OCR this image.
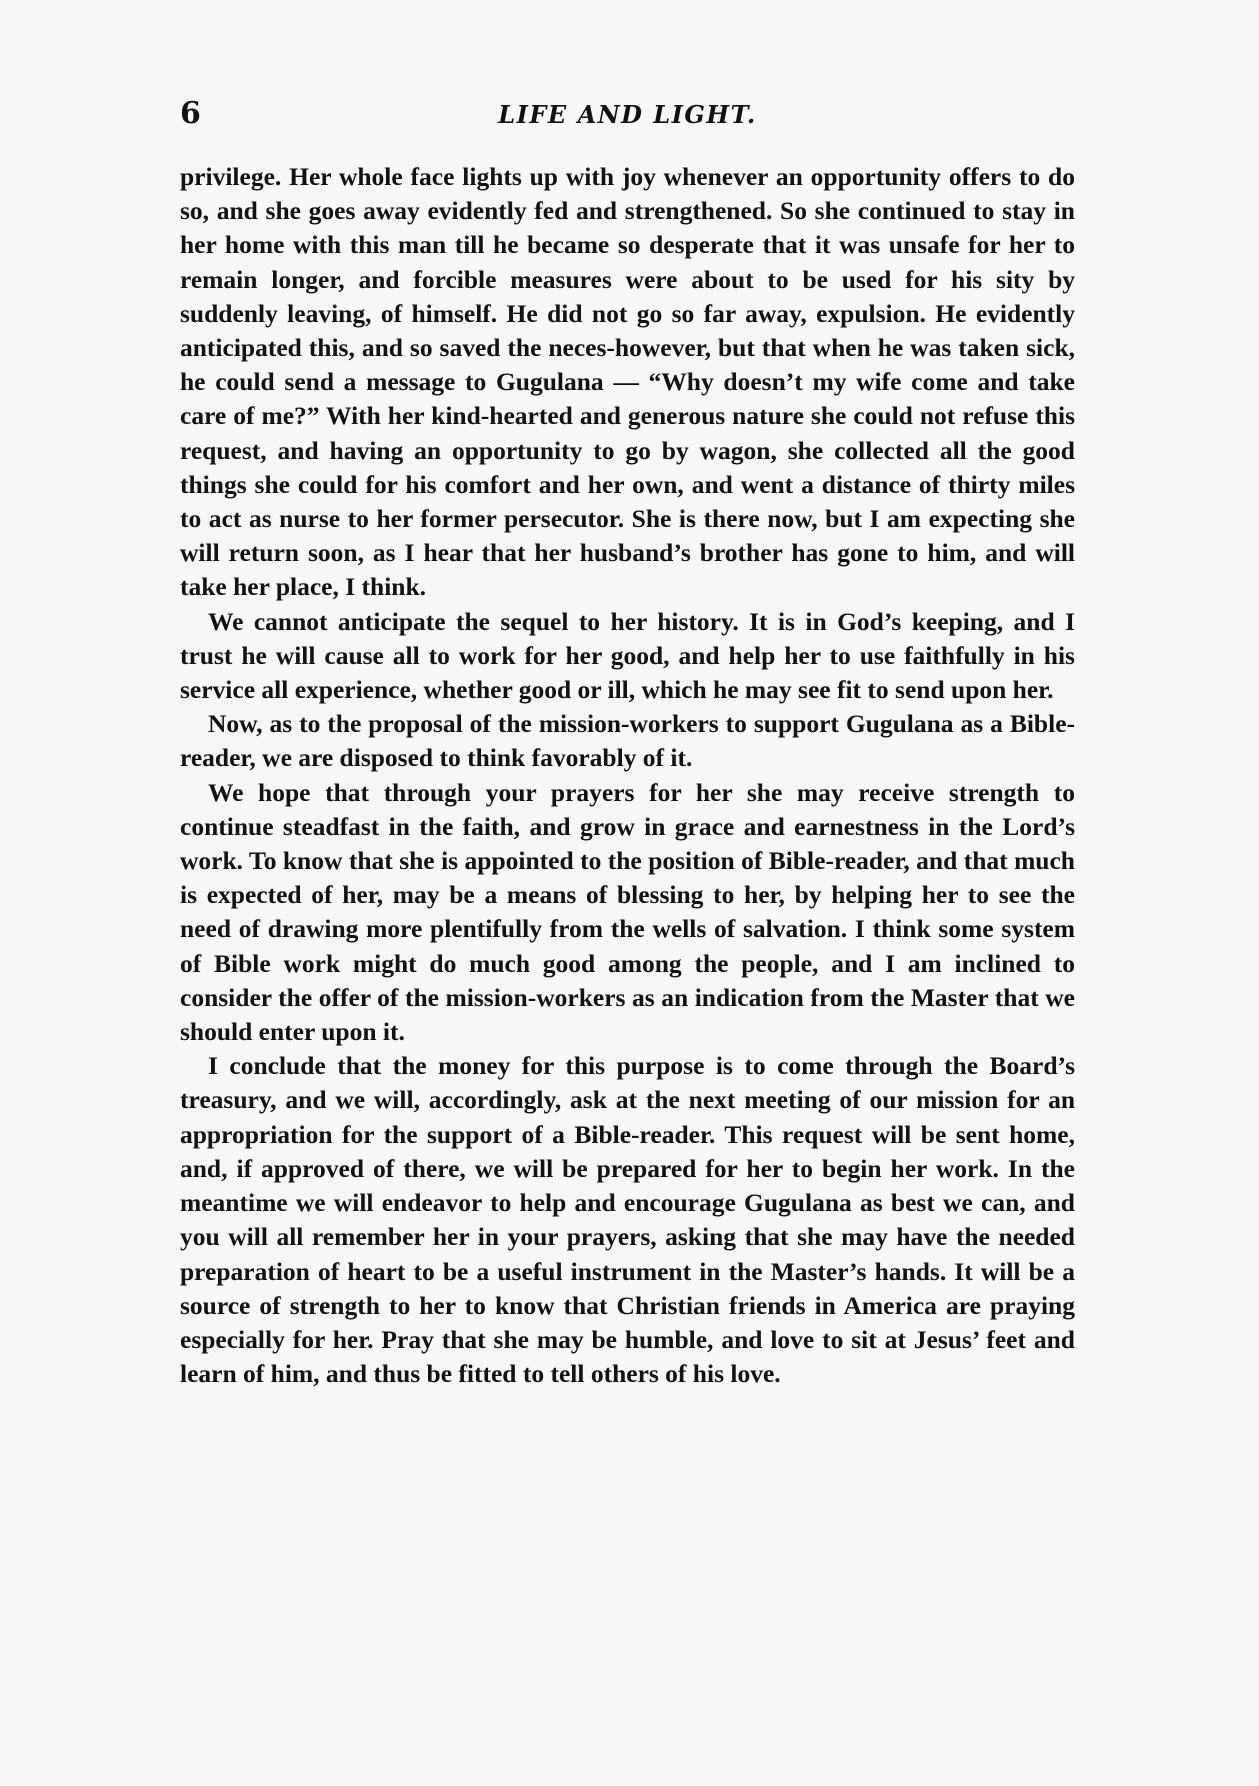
6	LIFE AND LIGHT.

privilege. Her whole face lights up with joy whenever an opportunity offers to do so, and she goes away evidently fed and strengthened. So she continued to stay in her home with this man till he became so desperate that it was unsafe for her to remain longer, and forcible measures were about to be used for his sity by suddenly leaving, of himself. He did not go so far away, expulsion. He evidently anticipated this, and so saved the neces-however, but that when he was taken sick, he could send a message to Gugulana — “Why doesn’t my wife come and take care of me?” With her kind-hearted and generous nature she could not refuse this request, and having an opportunity to go by wagon, she collected all the good things she could for his comfort and her own, and went a distance of thirty miles to act as nurse to her former persecutor. She is there now, but I am expecting she will return soon, as I hear that her husband’s brother has gone to him, and will take her place, I think.

We cannot anticipate the sequel to her history. It is in God’s keeping, and I trust he will cause all to work for her good, and help her to use faithfully in his service all experience, whether good or ill, which he may see fit to send upon her.

Now, as to the proposal of the mission-workers to support Gugulana as a Bible-reader, we are disposed to think favorably of it.

We hope that through your prayers for her she may receive strength to continue steadfast in the faith, and grow in grace and earnestness in the Lord’s work. To know that she is appointed to the position of Bible-reader, and that much is expected of her, may be a means of blessing to her, by helping her to see the need of drawing more plentifully from the wells of salvation. I think some system of Bible work might do much good among the people, and I am inclined to consider the offer of the mission-workers as an indication from the Master that we should enter upon it.

I conclude that the money for this purpose is to come through the Board’s treasury, and we will, accordingly, ask at the next meeting of our mission for an appropriation for the support of a Bible-reader. This request will be sent home, and, if approved of there, we will be prepared for her to begin her work. In the meantime we will endeavor to help and encourage Gugulana as best we can, and you will all remember her in your prayers, asking that she may have the needed preparation of heart to be a useful instrument in the Master’s hands. It will be a source of strength to her to know that Christian friends in America are praying especially for her. Pray that she may be humble, and love to sit at Jesus’ feet and learn of him, and thus be fitted to tell others of his love.
